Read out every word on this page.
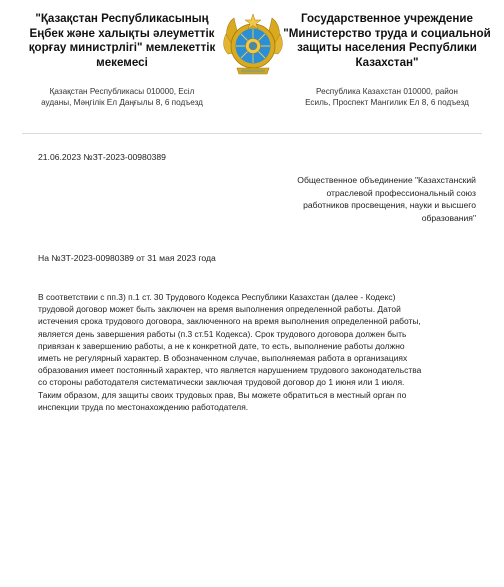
"Қазақстан Республикасының
Еңбек және халықты әлеуметтік
қорғау министрлігі" мемлекеттік
мекемесі
Қазақстан Республикасы 010000, Есіл
ауданы, Мәңгілік Ел Даңғылы 8, 6 подъезд
Государственное учреждение
"Министерство труда и социальной
защиты населения Республики
Казахстан"
Республика Казахстан 010000, район
Есиль, Проспект Мангилик Ел 8, 6 подъезд
21.06.2023 №ЗТ-2023-00980389
Общественное объединение "Казахстанский
отраслевой профессиональный союз
работников просвещения, науки и высшего
образования"
На №ЗТ-2023-00980389 от 31 мая 2023 года
В соответствии с пп.3) п.1 ст. 30 Трудового Кодекса Республики Казахстан (далее - Кодекс)
трудовой договор может быть заключен на время выполнения определенной работы. Датой
истечения срока трудового договора, заключенного на время выполнения определенной работы,
является день завершения работы (п.3 ст.51 Кодекса). Срок трудового договора должен быть
привязан к завершению работы, а не к конкретной дате, то есть, выполнение работы должно
иметь не регулярный характер. В обозначенном случае, выполняемая работа в организациях
образования имеет постоянный характер, что является нарушением трудового законодательства
со стороны работодателя систематически заключая трудовой договор до 1 июня или 1 июля.
Таким образом, для защиты своих трудовых прав, Вы можете обратиться в местный орган по
инспекции труда по местонахождению работодателя.
